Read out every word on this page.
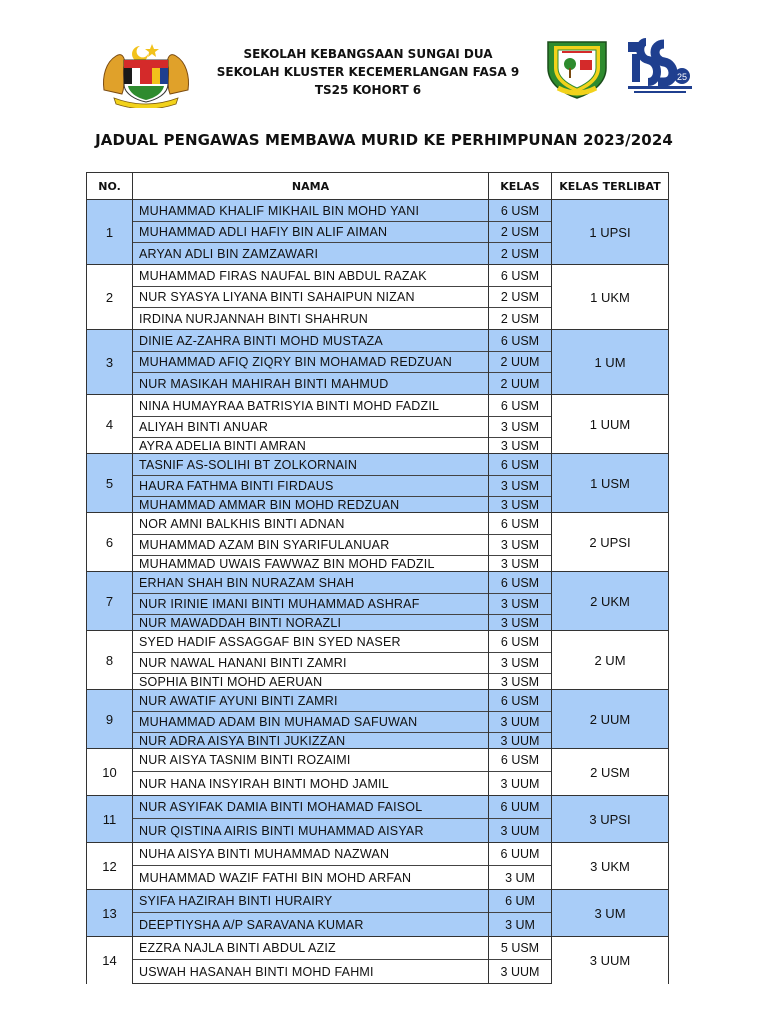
SEKOLAH KEBANGSAAN SUNGAI DUA
SEKOLAH KLUSTER KECEMERLANGAN FASA 9
TS25 KOHORT 6
25
JADUAL PENGAWAS MEMBAWA MURID KE PERHIMPUNAN 2023/2024
NO.	NAMA	KELAS	KELAS TERLIBAT
1	MUHAMMAD KHALIF MIKHAIL BIN MOHD YANI	6 USM	1 UPSI
	MUHAMMAD ADLI HAFIY BIN ALIF AIMAN	2 USM	
	ARYAN ADLI BIN ZAMZAWARI	2 USM	
2	MUHAMMAD FIRAS NAUFAL BIN ABDUL RAZAK	6 USM	1 UKM
	NUR SYASYA LIYANA BINTI SAHAIPUN NIZAN	2 USM	
	IRDINA NURJANNAH BINTI SHAHRUN	2 USM	
3	DINIE AZ-ZAHRA BINTI MOHD MUSTAZA	6 USM	1 UM
	MUHAMMAD AFIQ ZIQRY BIN MOHAMAD REDZUAN	2 UUM	
	NUR MASIKAH MAHIRAH BINTI MAHMUD	2 UUM	
4	NINA HUMAYRAA BATRISYIA BINTI MOHD FADZIL	6 USM	1 UUM
	ALIYAH BINTI ANUAR	3 USM	
	AYRA ADELIA BINTI AMRAN	3 USM	
5	TASNIF AS-SOLIHI BT ZOLKORNAIN	6 USM	1 USM
	HAURA FATHMA BINTI FIRDAUS	3 USM	
	MUHAMMAD AMMAR BIN MOHD REDZUAN	3 USM	
6	NOR AMNI BALKHIS BINTI ADNAN	6 USM	2 UPSI
	MUHAMMAD AZAM BIN SYARIFULANUAR	3 USM	
	MUHAMMAD UWAIS FAWWAZ BIN MOHD FADZIL	3 USM	
7	ERHAN SHAH BIN NURAZAM SHAH	6 USM	2 UKM
	NUR IRINIE IMANI BINTI MUHAMMAD ASHRAF	3 USM	
	NUR MAWADDAH BINTI NORAZLI	3 USM	
8	SYED HADIF ASSAGGAF BIN SYED NASER	6 USM	2 UM
	NUR NAWAL HANANI BINTI ZAMRI	3 USM	
	SOPHIA BINTI MOHD AERUAN	3 USM	
9	NUR AWATIF AYUNI BINTI ZAMRI	6 USM	2 UUM
	MUHAMMAD ADAM BIN MUHAMAD SAFUWAN	3 UUM	
	NUR ADRA AISYA BINTI JUKIZZAN	3 UUM	
10	NUR AISYA TASNIM BINTI ROZAIMI	6 USM	2 USM
	NUR HANA INSYIRAH BINTI MOHD JAMIL	3 UUM	
11	NUR ASYIFAK DAMIA BINTI MOHAMAD FAISOL	6 UUM	3 UPSI
	NUR QISTINA AIRIS BINTI MUHAMMAD AISYAR	3 UUM	
12	NUHA AISYA BINTI MUHAMMAD NAZWAN	6 UUM	3 UKM
	MUHAMMAD WAZIF FATHI BIN MOHD ARFAN	3 UM	
13	SYIFA HAZIRAH BINTI HURAIRY	6 UM	3 UM
	DEEPTIYSHA A/P SARAVANA KUMAR	3 UM	
14	EZZRA NAJLA BINTI ABDUL AZIZ	5 USM	3 UUM
	USWAH HASANAH BINTI MOHD FAHMI	3 UUM	
